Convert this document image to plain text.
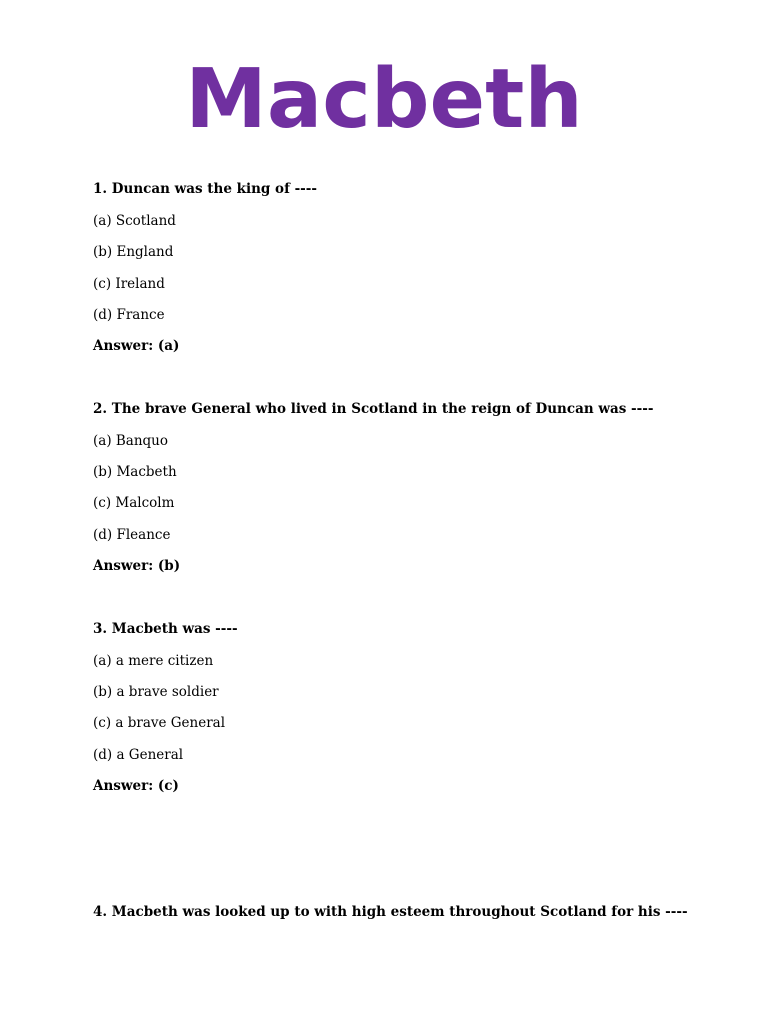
Macbeth

1. Duncan was the king of ----

(a) Scotland

(b) England

(c) Ireland

(d) France

Answer: (a)

2. The brave General who lived in Scotland in the reign of Duncan was ----

(a) Banquo

(b) Macbeth

(c) Malcolm

(d) Fleance

Answer: (b)

3. Macbeth was ----

(a) a mere citizen

(b) a brave soldier

(c) a brave General

(d) a General

Answer: (c)

4. Macbeth was looked up to with high esteem throughout Scotland for his ----
